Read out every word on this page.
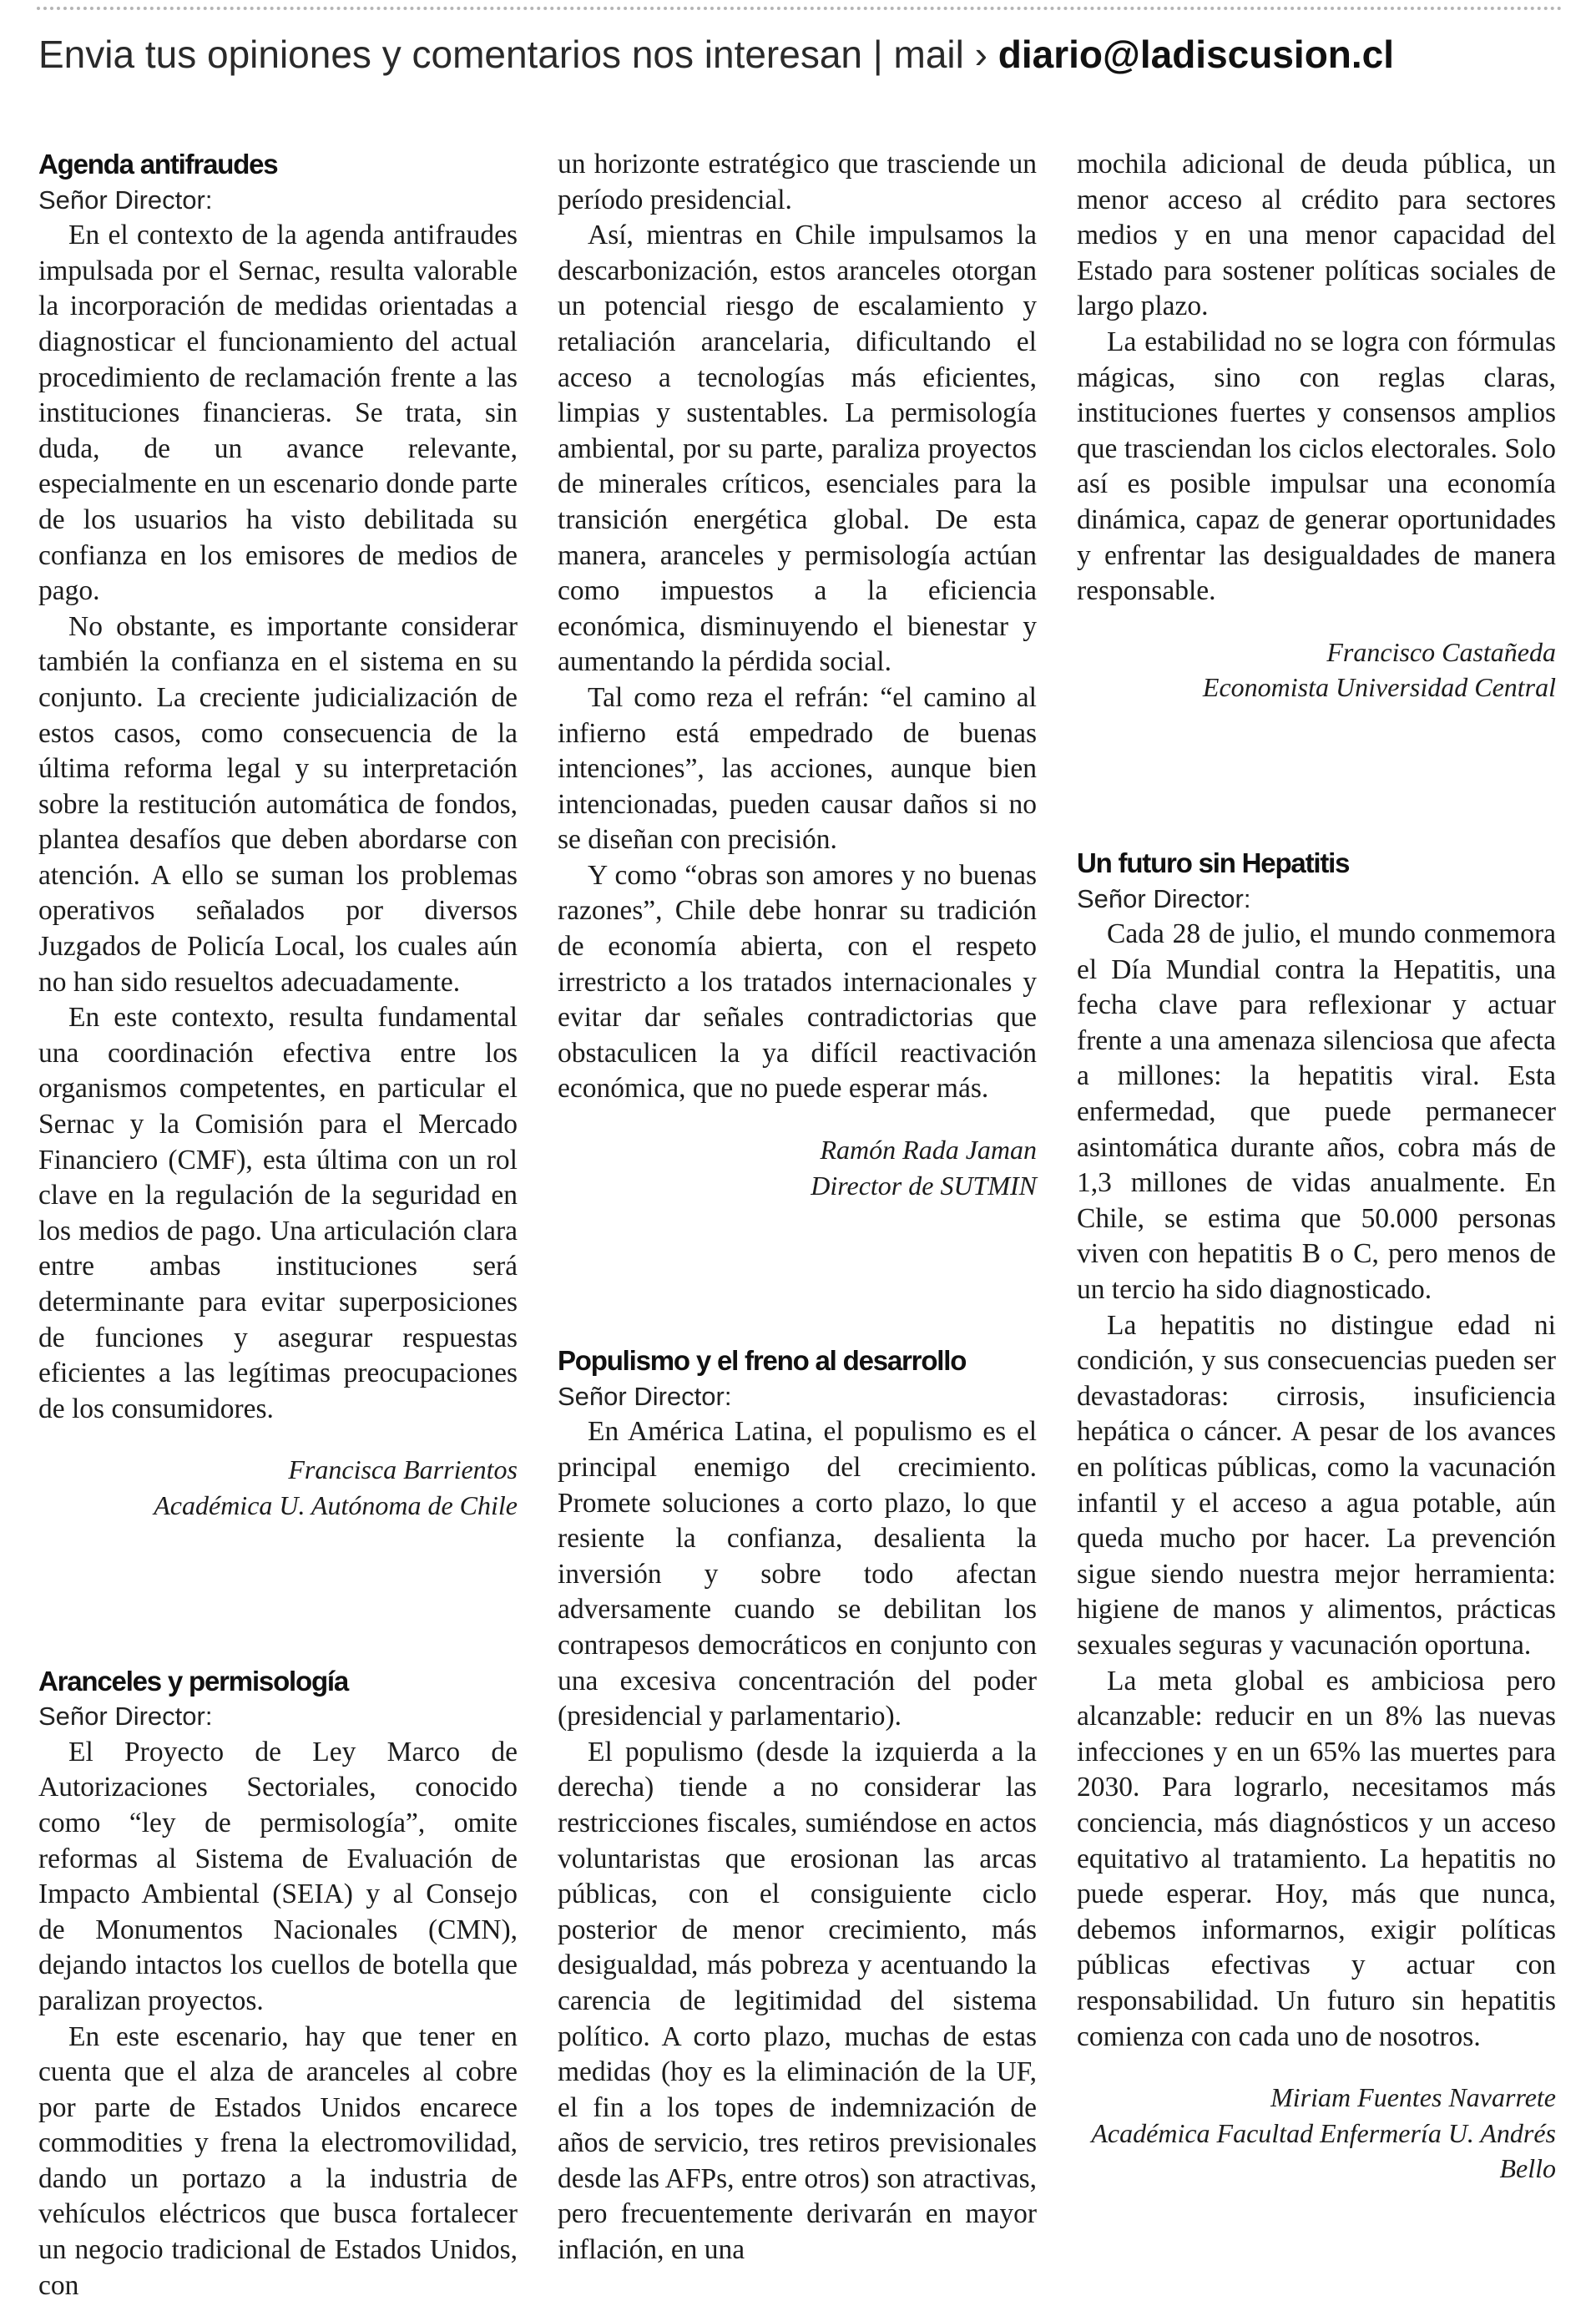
Envia tus opiniones y comentarios nos interesan | mail › diario@ladiscusion.cl
Agenda antifraudes
Señor Director:

En el contexto de la agenda antifraudes impulsada por el Sernac, resulta valorable la incorporación de medidas orientadas a diagnosticar el funcionamiento del actual procedimiento de reclamación frente a las instituciones financieras. Se trata, sin duda, de un avance relevante, especialmente en un escenario donde parte de los usuarios ha visto debilitada su confianza en los emisores de medios de pago.

No obstante, es importante considerar también la confianza en el sistema en su conjunto. La creciente judicialización de estos casos, como consecuencia de la última reforma legal y su interpretación sobre la restitución automática de fondos, plantea desafíos que deben abordarse con atención. A ello se suman los problemas operativos señalados por diversos Juzgados de Policía Local, los cuales aún no han sido resueltos adecuadamente.

En este contexto, resulta fundamental una coordinación efectiva entre los organismos competentes, en particular el Sernac y la Comisión para el Mercado Financiero (CMF), esta última con un rol clave en la regulación de la seguridad en los medios de pago. Una articulación clara entre ambas instituciones será determinante para evitar superposiciones de funciones y asegurar respuestas eficientes a las legítimas preocupaciones de los consumidores.

Francisca Barrientos
Académica U. Autónoma de Chile
Aranceles y permisología
Señor Director:

El Proyecto de Ley Marco de Autorizaciones Sectoriales, conocido como “ley de permisología”, omite reformas al Sistema de Evaluación de Impacto Ambiental (SEIA) y al Consejo de Monumentos Nacionales (CMN), dejando intactos los cuellos de botella que paralizan proyectos.

En este escenario, hay que tener en cuenta que el alza de aranceles al cobre por parte de Estados Unidos encarece commodities y frena la electromovilidad, dando un portazo a la industria de vehículos eléctricos que busca fortalecer un negocio tradicional de Estados Unidos, con

un horizonte estratégico que trasciende un período presidencial.

Así, mientras en Chile impulsamos la descarbonización, estos aranceles otorgan un potencial riesgo de escalamiento y retaliación arancelaria, dificultando el acceso a tecnologías más eficientes, limpias y sustentables. La permisología ambiental, por su parte, paraliza proyectos de minerales críticos, esenciales para la transición energética global. De esta manera, aranceles y permisología actúan como impuestos a la eficiencia económica, disminuyendo el bienestar y aumentando la pérdida social.

Tal como reza el refrán: “el camino al infierno está empedrado de buenas intenciones”, las acciones, aunque bien intencionadas, pueden causar daños si no se diseñan con precisión.

Y como “obras son amores y no buenas razones”, Chile debe honrar su tradición de economía abierta, con el respeto irrestricto a los tratados internacionales y evitar dar señales contradictorias que obstaculicen la ya difícil reactivación económica, que no puede esperar más.

Ramón Rada Jaman
Director de SUTMIN
Populismo y el freno al desarrollo
Señor Director:

En América Latina, el populismo es el principal enemigo del crecimiento. Promete soluciones a corto plazo, lo que resiente la confianza, desalienta la inversión y sobre todo afectan adversamente cuando se debilitan los contrapesos democráticos en conjunto con una excesiva concentración del poder (presidencial y parlamentario).

El populismo (desde la izquierda a la derecha) tiende a no considerar las restricciones fiscales, sumiéndose en actos voluntaristas que erosionan las arcas públicas, con el consiguiente ciclo posterior de menor crecimiento, más desigualdad, más pobreza y acentuando la carencia de legitimidad del sistema político. A corto plazo, muchas de estas medidas (hoy es la eliminación de la UF, el fin a los topes de indemnización de años de servicio, tres retiros previsionales desde las AFPs, entre otros) son atractivas, pero frecuentemente derivarán en mayor inflación, en una

mochila adicional de deuda pública, un menor acceso al crédito para sectores medios y en una menor capacidad del Estado para sostener políticas sociales de largo plazo.

La estabilidad no se logra con fórmulas mágicas, sino con reglas claras, instituciones fuertes y consensos amplios que trasciendan los ciclos electorales. Solo así es posible impulsar una economía dinámica, capaz de generar oportunidades y enfrentar las desigualdades de manera responsable.

Francisco Castañeda
Economista Universidad Central
Un futuro sin Hepatitis
Señor Director:

Cada 28 de julio, el mundo conmemora el Día Mundial contra la Hepatitis, una fecha clave para reflexionar y actuar frente a una amenaza silenciosa que afecta a millones: la hepatitis viral. Esta enfermedad, que puede permanecer asintomática durante años, cobra más de 1,3 millones de vidas anualmente. En Chile, se estima que 50.000 personas viven con hepatitis B o C, pero menos de un tercio ha sido diagnosticado.

La hepatitis no distingue edad ni condición, y sus consecuencias pueden ser devastadoras: cirrosis, insuficiencia hepática o cáncer. A pesar de los avances en políticas públicas, como la vacunación infantil y el acceso a agua potable, aún queda mucho por hacer. La prevención sigue siendo nuestra mejor herramienta: higiene de manos y alimentos, prácticas sexuales seguras y vacunación oportuna.

La meta global es ambiciosa pero alcanzable: reducir en un 8% las nuevas infecciones y en un 65% las muertes para 2030. Para lograrlo, necesitamos más conciencia, más diagnósticos y un acceso equitativo al tratamiento. La hepatitis no puede esperar. Hoy, más que nunca, debemos informarnos, exigir políticas públicas efectivas y actuar con responsabilidad. Un futuro sin hepatitis comienza con cada uno de nosotros.

Miriam Fuentes Navarrete
Académica Facultad Enfermería U. Andrés Bello
